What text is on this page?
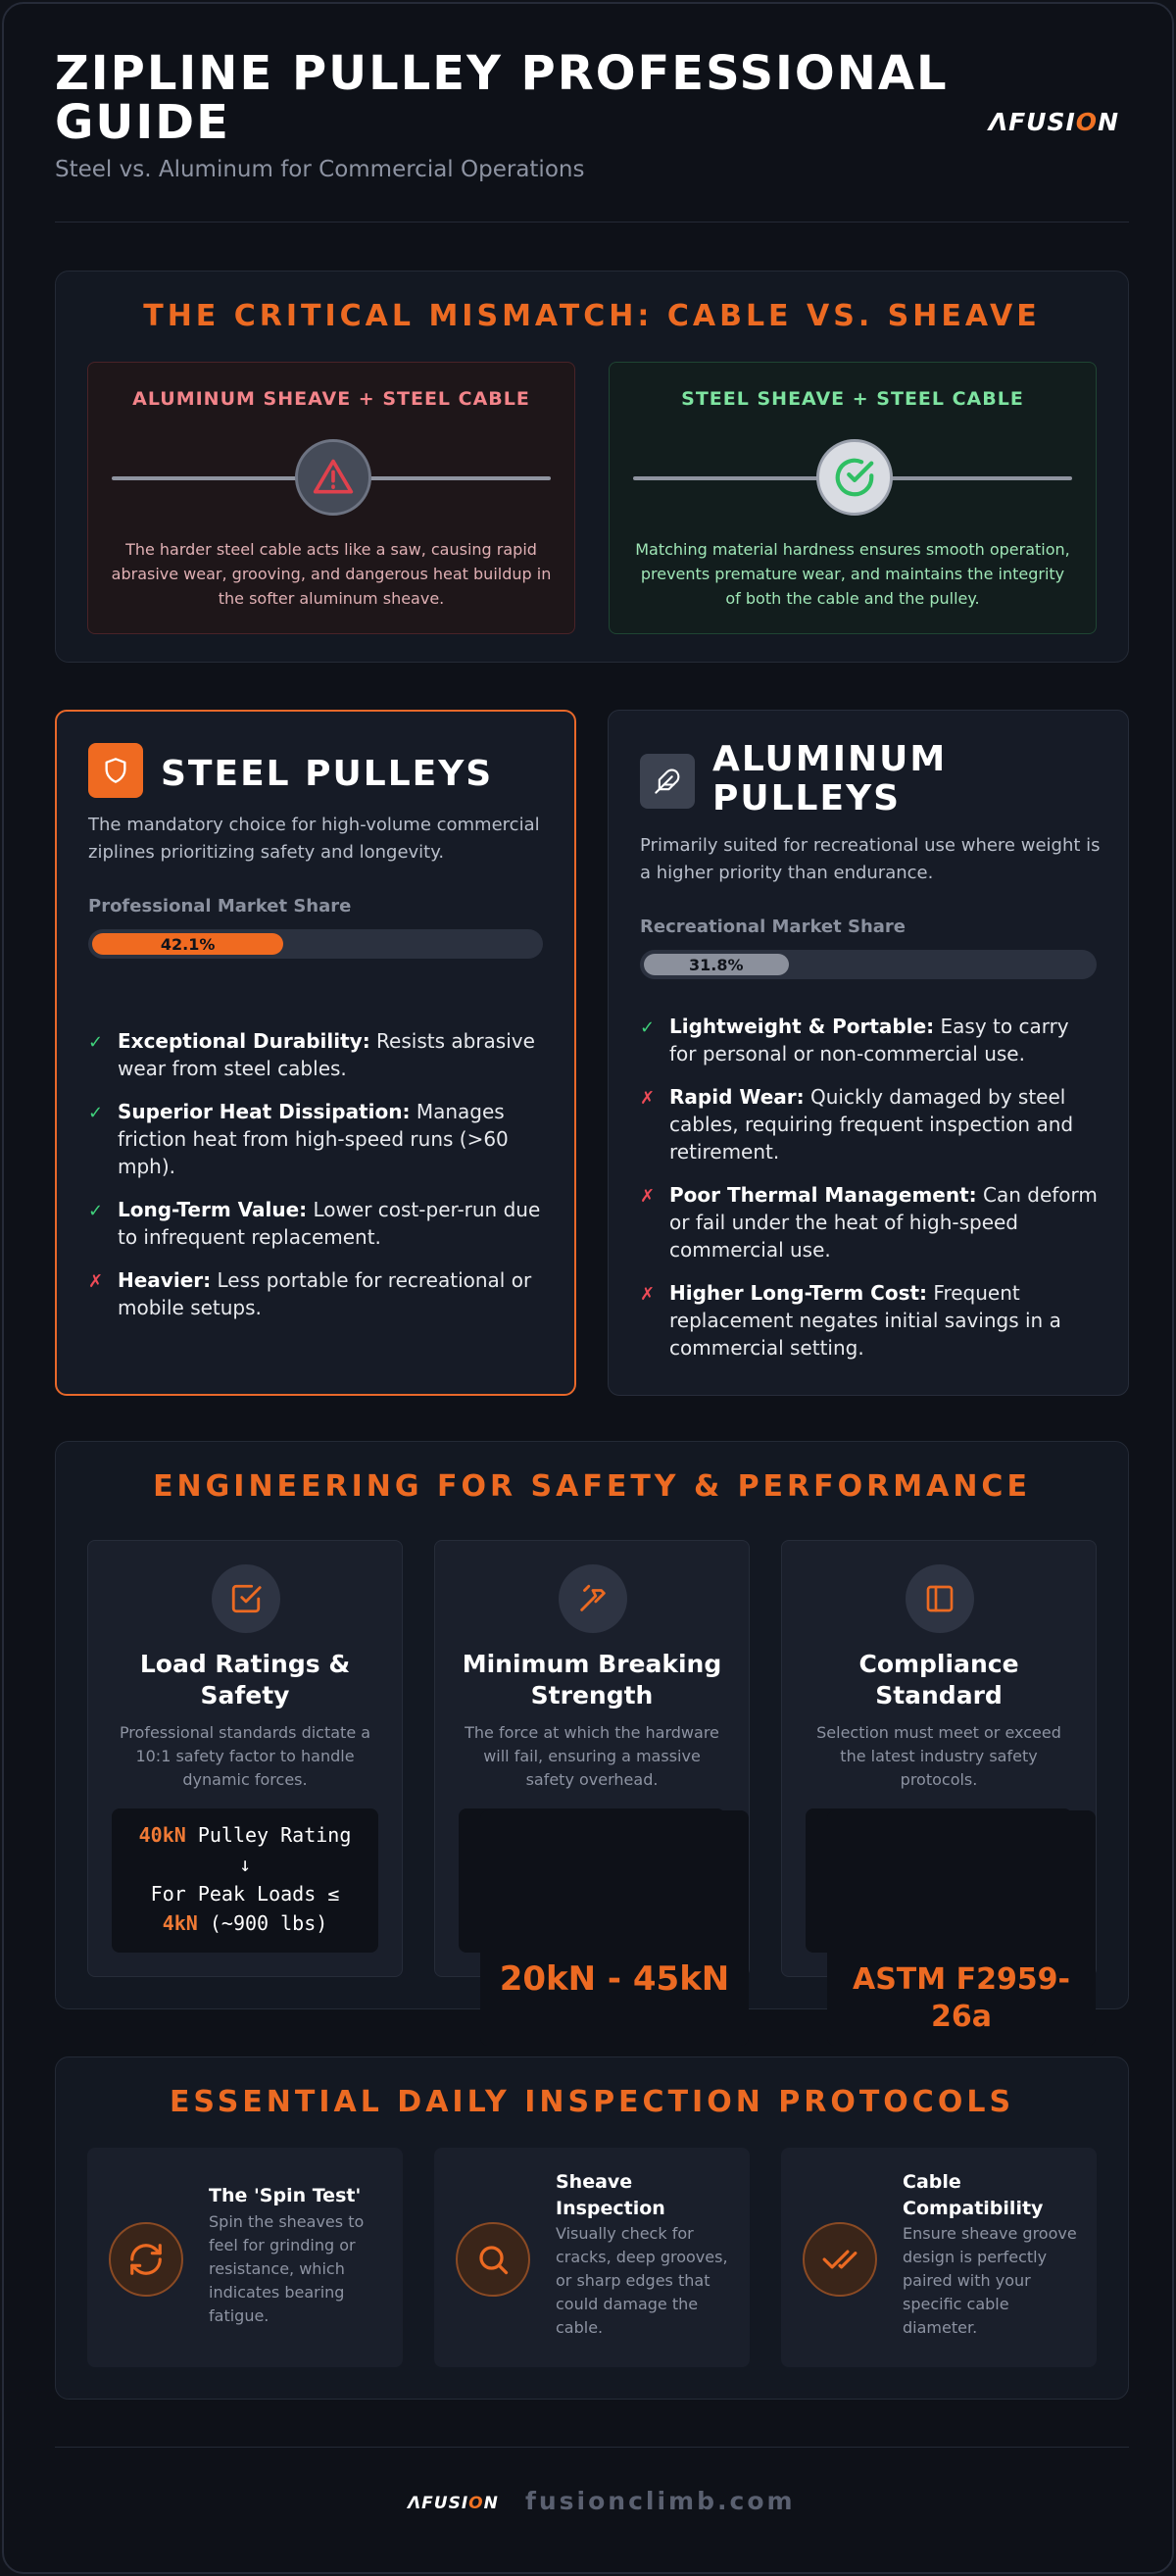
ZIPLINE PULLEY PROFESSIONAL GUIDE
Steel vs. Aluminum for Commercial Operations
ɅFUSI O N
THE CRITICAL MISMATCH: CABLE VS. SHEAVE
ALUMINUM SHEAVE + STEEL CABLE
The harder steel cable acts like a saw, causing rapid abrasive wear, grooving, and dangerous heat buildup in the softer aluminum sheave.
STEEL SHEAVE + STEEL CABLE
Matching material hardness ensures smooth operation, prevents premature wear, and maintains the integrity of both the cable and the pulley.
STEEL PULLEYS
The mandatory choice for high-volume commercial ziplines prioritizing safety and longevity.
Professional Market Share
42.1%
✓ Exceptional Durability: Resists abrasive wear from steel cables.
✓ Superior Heat Dissipation: Manages friction heat from high-speed runs (>60 mph).
✓ Long-Term Value: Lower cost-per-run due to infrequent replacement.
✗ Heavier: Less portable for recreational or mobile setups.
ALUMINUM PULLEYS
Primarily suited for recreational use where weight is a higher priority than endurance.
Recreational Market Share
31.8%
✓ Lightweight & Portable: Easy to carry for personal or non-commercial use.
✗ Rapid Wear: Quickly damaged by steel cables, requiring frequent inspection and retirement.
✗ Poor Thermal Management: Can deform or fail under the heat of high-speed commercial use.
✗ Higher Long-Term Cost: Frequent replacement negates initial savings in a commercial setting.
ENGINEERING FOR SAFETY & PERFORMANCE
Load Ratings & Safety
Professional standards dictate a 10:1 safety factor to handle dynamic forces.
40kN Pulley Rating
↓
For Peak Loads ≤
4kN (~900 lbs)
Minimum Breaking Strength
The force at which the hardware will fail, ensuring a massive safety overhead.
Compliance Standard
Selection must meet or exceed the latest industry safety protocols.
ESSENTIAL DAILY INSPECTION PROTOCOLS
The 'Spin Test'
Spin the sheaves to feel for grinding or resistance, which indicates bearing fatigue.
Sheave Inspection
Visually check for cracks, deep grooves, or sharp edges that could damage the cable.
Cable Compatibility
Ensure sheave groove design is perfectly paired with your specific cable diameter.
20kN - 45kN	ASTM F2959-26a
ɅFUSI O N fusionclimb.com
